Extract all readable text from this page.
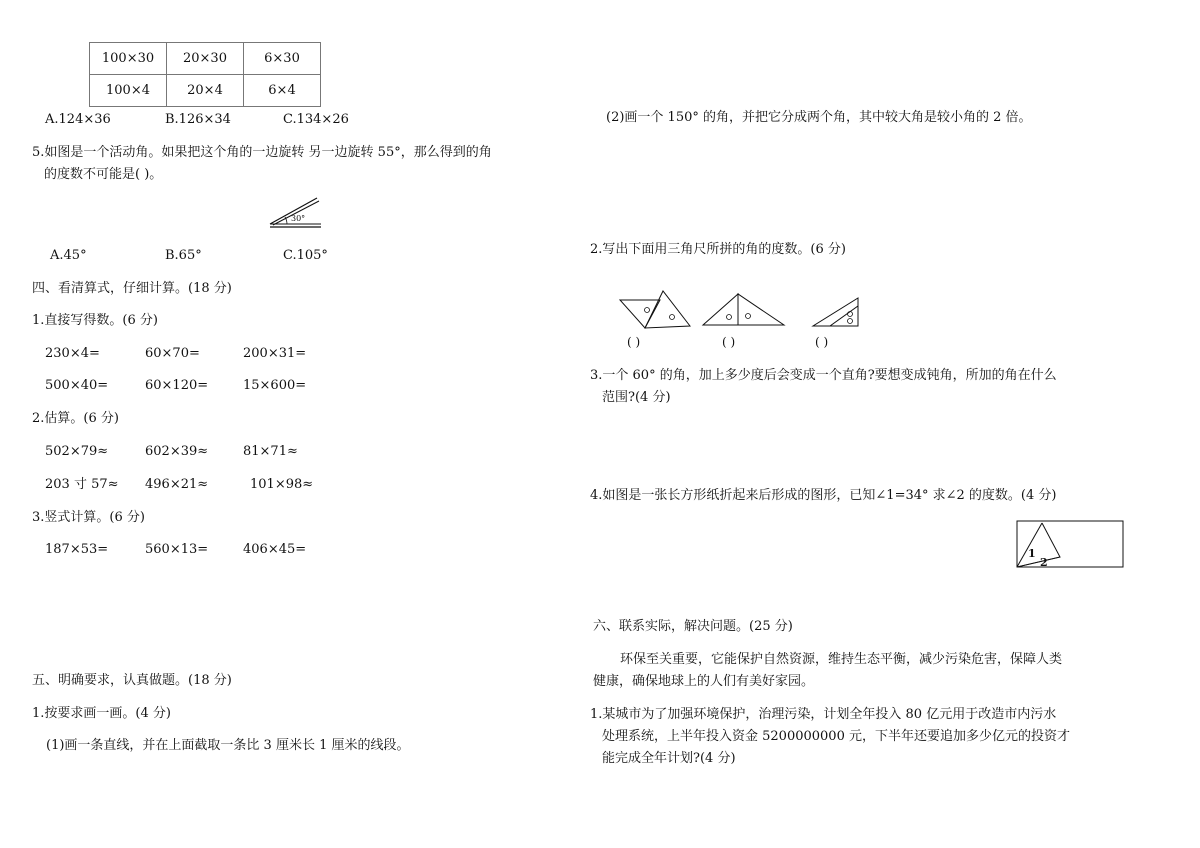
100×30	20×30	6×30
100×4	20×4	6×4
A.124×36	B.126×34	C.134×26
5.如图是一个活动角。如果把这个角的一边旋转 另一边旋转 55°，那么得到的角
的度数不可能是( )。
30°
A.45°	B.65°	C.105°
四、看清算式，仔细计算。(18 分)
1.直接写得数。(6 分)
230×4=	60×70=	200×31=
500×40=	60×120=	15×600=
2.估算。(6 分)
502×79≈	602×39≈	81×71≈
203 寸 57≈ 496×21≈	101×98≈
3.竖式计算。(6 分)
187×53=	560×13=	406×45=
五、明确要求，认真做题。(18 分)
1.按要求画一画。(4 分)
(1)画一条直线，并在上面截取一条比 3 厘米长 1 厘米的线段。
(2)画一个 150° 的角，并把它分成两个角，其中较大角是较小角的 2 倍。
2.写出下面用三角尺所拼的角的度数。(6 分)
( )	( )	( )
3.一个 60° 的角，加上多少度后会变成一个直角?要想变成钝角，所加的角在什么
范围?(4 分)
4.如图是一张长方形纸折起来后形成的图形，已知∠1=34° 求∠2 的度数。(4 分)
1
2
六、联系实际，解决问题。(25 分)
环保至关重要，它能保护自然资源，维持生态平衡，减少污染危害，保障人类
健康，确保地球上的人们有美好家园。
1.某城市为了加强环境保护，治理污染，计划全年投入 80 亿元用于改造市内污水
处理系统，上半年投入资金 5200000000 元，下半年还要追加多少亿元的投资才
能完成全年计划?(4 分)
